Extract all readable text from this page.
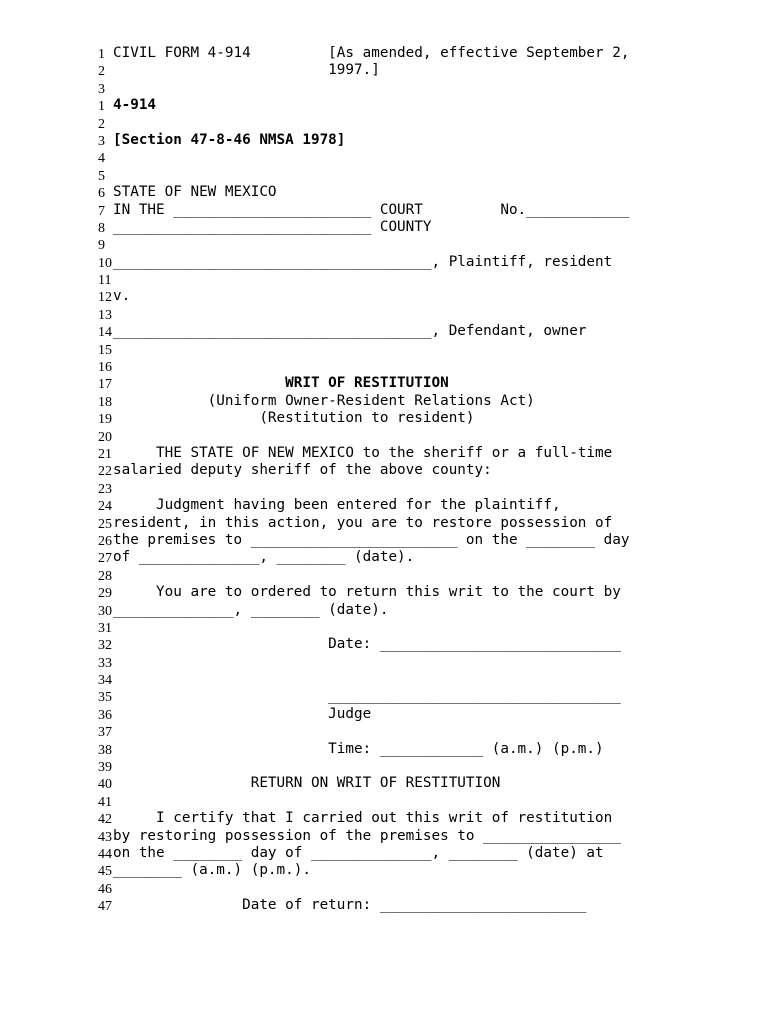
1 CIVIL FORM 4-914         [As amended, effective September 2,
2 1997.]
3
1 4-914
2
3 [Section 47-8-46 NMSA 1978]
4
5
6 STATE OF NEW MEXICO
7 IN THE _______________________ COURT         No.____________
8 ______________________________ COUNTY
9
10 _____________________________________, Plaintiff, resident
11
12 v.
13
14 _____________________________________, Defendant, owner
15
16
17 WRIT OF RESTITUTION
18 (Uniform Owner-Resident Relations Act)
19 (Restitution to resident)
20
21 THE STATE OF NEW MEXICO to the sheriff or a full-time
22 salaried deputy sheriff of the above county:
23
24 Judgment having been entered for the plaintiff,
25 resident, in this action, you are to restore possession of
26 the premises to ________________________ on the ________ day
27 of ______________, ________ (date).
28
29 You are to ordered to return this writ to the court by
30 ______________, ________ (date).
31
32 Date: ____________________________
33
34
35 __________________________________
36 Judge
37
38 Time: ____________ (a.m.) (p.m.)
39
40 RETURN ON WRIT OF RESTITUTION
41
42 I certify that I carried out this writ of restitution
43 by restoring possession of the premises to ________________
44 on the ________ day of ______________, ________ (date) at
45 ________ (a.m.) (p.m.).
46
47 Date of return: ________________________
